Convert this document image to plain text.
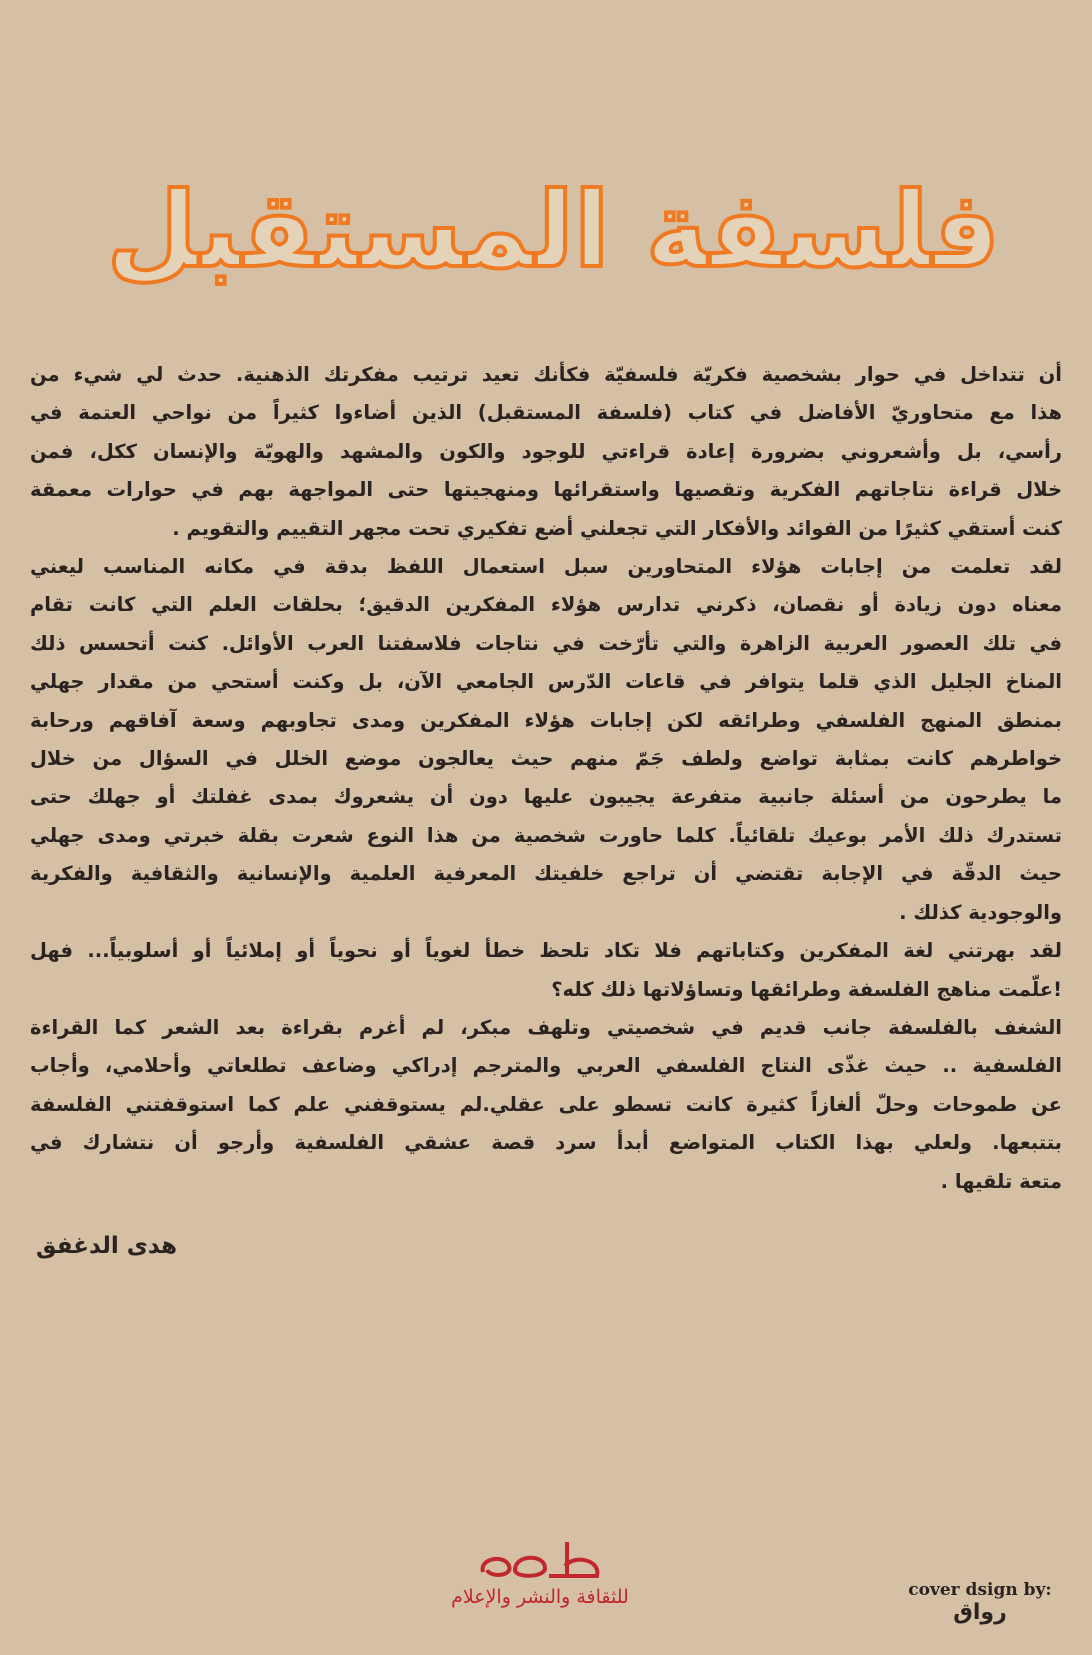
فلسفة المستقبل
أن تتداخل في حوار بشخصية فكريّة فلسفيّة فكأنك تعيد ترتيب مفكرتك الذهنية. حدث لي شيء من
هذا مع متحاوريّ الأفاضل في كتاب (فلسفة المستقبل) الذين أضاءوا كثيراً من نواحي العتمة في
رأسي، بل وأشعروني بضرورة إعادة قراءتي للوجود والكون والمشهد والهويّة والإنسان ككل، فمن
خلال قراءة نتاجاتهم الفكرية وتقصيها واستقرائها ومنهجيتها حتى المواجهة بهم في حوارات معمقة
كنت أستقي كثيرًا من الفوائد والأفكار التي تجعلني أضع تفكيري تحت مجهر التقييم والتقويم .
لقد تعلمت من إجابات هؤلاء المتحاورين سبل استعمال اللفظ بدقة في مكانه المناسب ليعني
معناه دون زيادة أو نقصان، ذكرني تدارس هؤلاء المفكرين الدقيق؛ بحلقات العلم التي كانت تقام
في تلك العصور العربية الزاهرة والتي تأرّخت في نتاجات فلاسفتنا العرب الأوائل. كنت أتحسس ذلك
المناخ الجليل الذي قلما يتوافر في قاعات الدّرس الجامعي الآن، بل وكنت أستحي من مقدار جهلي
بمنطق المنهج الفلسفي وطرائقه لكن إجابات هؤلاء المفكرين ومدى تجاوبهم وسعة آفاقهم ورحابة
خواطرهم كانت بمثابة تواضع ولطف جَمّ منهم حيث يعالجون موضع الخلل في السؤال من خلال
ما يطرحون من أسئلة جانبية متفرعة يجيبون عليها دون أن يشعروك بمدى غفلتك أو جهلك حتى
تستدرك ذلك الأمر بوعيك تلقائياً. كلما حاورت شخصية من هذا النوع شعرت بقلة خبرتي ومدى جهلي
حيث الدقّة في الإجابة تقتضي أن تراجع خلفيتك المعرفية العلمية والإنسانية والثقافية والفكرية
والوجودية كذلك .
لقد بهرتني لغة المفكرين وكتاباتهم فلا تكاد تلحظ خطأ لغوياً أو نحوياً أو إملائياً أو أسلوبياً... فهل
!علّمت مناهج الفلسفة وطرائقها وتساؤلاتها ذلك كله؟
الشغف بالفلسفة جانب قديم في شخصيتي وتلهف مبكر، لم أغرم بقراءة بعد الشعر كما القراءة
الفلسفية .. حيث غذّى النتاج الفلسفي العربي والمترجم إدراكي وضاعف تطلعاتي وأحلامي، وأجاب
عن طموحات وحلّ ألغازاً كثيرة كانت تسطو على عقلي.لم يستوقفني علم كما استوقفتني الفلسفة
بتتبعها. ولعلي بهذا الكتاب المتواضع أبدأ سرد قصة عشقي الفلسفية وأرجو أن نتشارك في
متعة تلقيها .
هدى الدغفق
للثقافة والنشر والإعلام	cover dsign by:
رواق
